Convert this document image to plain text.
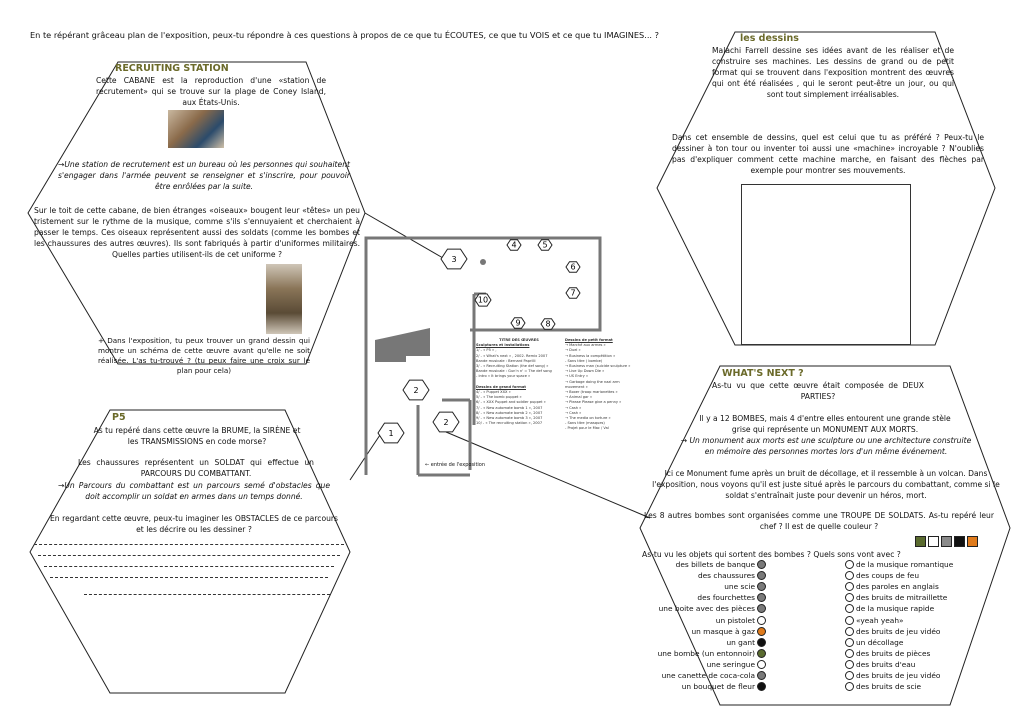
1
2
2
3
4	5
6
7
8
9
10
En te répérant grâceau plan de l'exposition, peux-tu répondre à ces questions à propos de ce que tu ÉCOUTES, ce que tu VOIS et ce que tu IMAGINES... ?
RECRUITING STATION
Cette CABANE est la reproduction d'une «station de recrutement» qui se trouve sur la plage de Coney Island, aux États-Unis.
→Une station de recrutement est un bureau où les personnes qui souhaitent s'engager dans l'armée peuvent se renseigner et s'inscrire, pour pouvoir être enrôlées par la suite.
Sur le toit de cette cabane, de bien étranges «oiseaux» bougent leur «têtes» un peu tristement sur le rythme de la musique, comme s'ils s'ennuyaient et cherchaient à passer le temps. Ces oiseaux représentent aussi des soldats (comme les bombes et les chaussures des autres œuvres). Ils sont fabriqués à partir d'uniformes militaires. Quelles parties utilisent-ils de cet uniforme ?
+ Dans l'exposition, tu peux trouver un grand dessin qui montre un schéma de cette œuvre avant qu'elle ne soit réalisée. L'as tu-trouvé ? (tu peux faire une croix sur le plan pour cela)
les dessins
Malachi Farrell dessine ses idées avant de les réaliser et de construire ses machines. Les dessins de grand ou de petit format qui se trouvent dans l'exposition montrent des œuvres qui ont été réalisées , qui le seront peut-être un jour, ou qui sont tout simplement irréalisables.
Dans cet ensemble de dessins, quel est celui que tu as préféré ? Peux-tu le dessiner à ton tour ou inventer toi aussi une «machine» incroyable ? N'oublies pas d'expliquer comment cette machine marche, en faisant des flèches par exemple pour montrer ses mouvements.
P5
As tu repéré dans cette œuvre la BRUME, la SIRÈNE et les TRANSMISSIONS en code morse?
Les chaussures représentent un SOLDAT qui effectue un PARCOURS DU COMBATTANT.
→Un Parcours du combattant est un parcours semé d'obstacles que doit accomplir un soldat en armes dans un temps donné.
En regardant cette œuvre, peux-tu imaginer les OBSTACLES de ce parcours et les décrire ou les dessiner ?
WHAT'S NEXT ?
As-tu vu que cette œuvre était composée de DEUX PARTIES?
Il y a 12 BOMBES, mais 4 d'entre elles entourent une grande stèle grise qui représente un MONUMENT AUX MORTS.
→ Un monument aux morts est une sculpture ou une architecture construite en mémoire des personnes mortes lors d'un même événement.
Ici ce Monument fume après un bruit de décollage, et il ressemble à un volcan. Dans l'exposition, nous voyons qu'il est juste situé après le parcours du combattant, comme si le soldat s'entraînait juste pour devenir un héros, mort.
Les 8 autres bombes sont organisées comme une TROUPE DE SOLDATS. As-tu repéré leur chef ? Il est de quelle couleur ?
As-tu vu les objets qui sortent des bombes ? Quels sons vont avec ?
des billets de banque
des chaussures
une scie
des fourchettes
une boite avec des pièces
un pistolet
un masque à gaz
un gant
une bombe (un entonnoir)
une seringue
une canette de coca-cola
un bouquet de fleur
de la musique romantique
des coups de feu
des paroles en anglais
des bruits de mitraillette
de la musique rapide
«yeah yeah»
des bruits de jeu vidéo
un décollage
des bruits de pièces
des bruits d'eau
des bruits de jeu vidéo
des bruits de scie
TITRE DES ŒUVRES
Sculptures et installations
1/ - « P5 » ,
2/ - « What's next » , 2002. Remix 2007
Bande musicale : Bernard Paprilli
3/ - « Recruiting Station (the def song) »
Bande musicale : Gun'n n' = The def song
- intro « It brings your space »

Dessins de grand format
4/ - « Puppet XXX »
5/ - « The bomb puppet »
6/ - « XXX Puppet and soldier puppet »
7/ - « New automate bomb 1 », 2007
8/ - « New automate bomb 2 », 2007
9/ - « New automate bomb 3 », 2007
10/ - « The recruiting station », 2007
Dessins de petit format
→ Marché aux armes »
→ Duel »
→ Business la compétition »
- Sans titre ( bombe)
→ Business man (suicide sculpture »
→ Live Up Down Die »
→ US Entry »
→ Garbage doing the nazi arm movement »
→ Boxer (troop marionettes »
→ Animal gar »
→ Please Please give a penny »
→ Cash »
→ Cash »
→ The media on torture »
- Sans titre (masques)
- Projet pour le Mac / Val
← entrée de l'exposition
